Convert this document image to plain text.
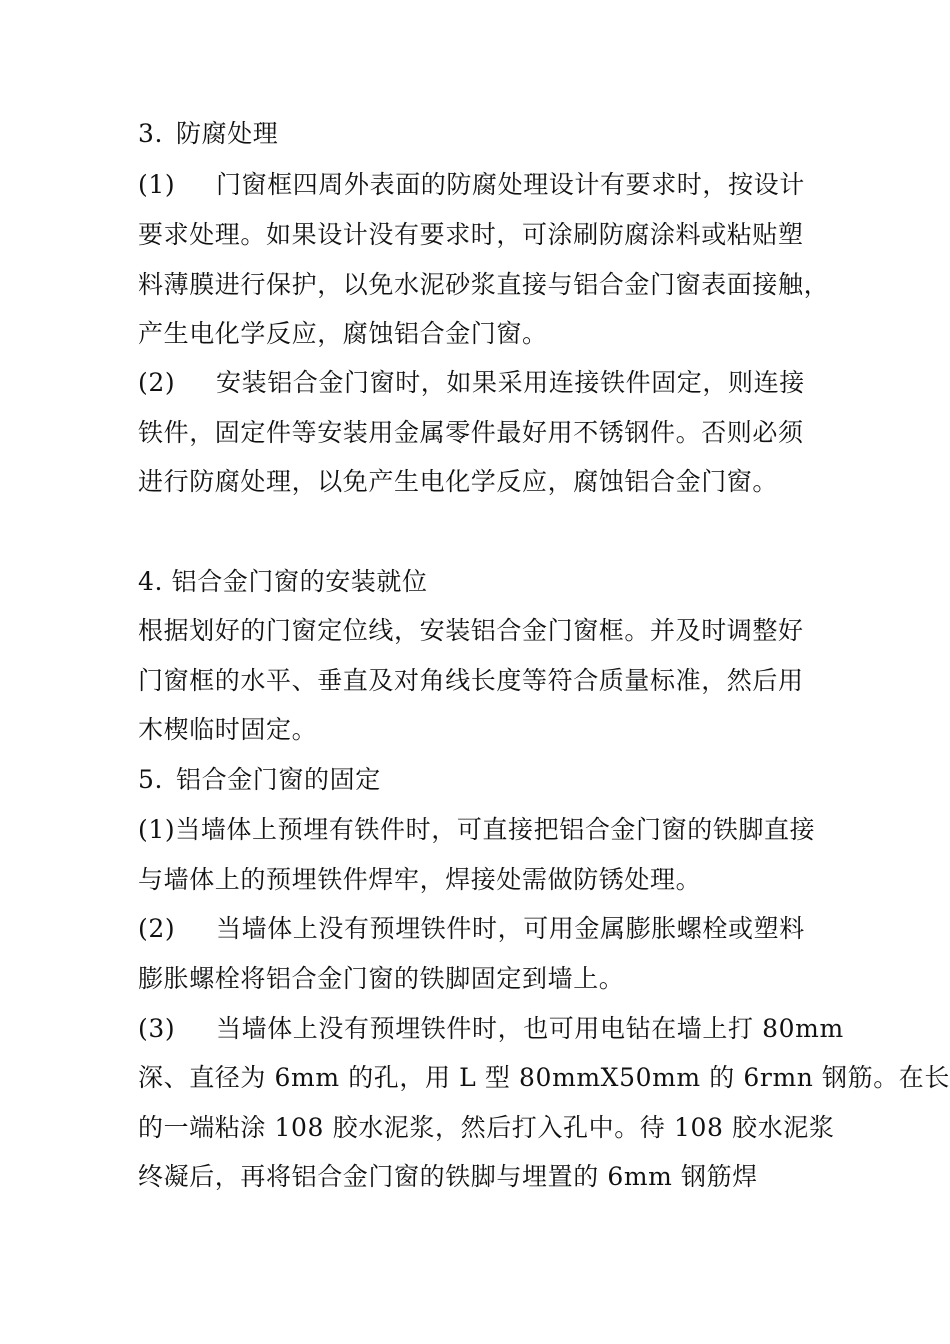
3. 防腐处理
(1) 门窗框四周外表面的防腐处理设计有要求时，按设计
要求处理。如果设计没有要求时，可涂刷防腐涂料或粘贴塑
料薄膜进行保护，以免水泥砂浆直接与铝合金门窗表面接触，
产生电化学反应，腐蚀铝合金门窗。
(2) 安装铝合金门窗时，如果采用连接铁件固定，则连接
铁件，固定件等安装用金属零件最好用不锈钢件。否则必须
进行防腐处理，以免产生电化学反应，腐蚀铝合金门窗。
4. 铝合金门窗的安装就位
根据划好的门窗定位线，安装铝合金门窗框。并及时调整好
门窗框的水平、垂直及对角线长度等符合质量标准，然后用
木楔临时固定。
5. 铝合金门窗的固定
(1)当墙体上预埋有铁件时，可直接把铝合金门窗的铁脚直接
与墙体上的预埋铁件焊牢，焊接处需做防锈处理。
(2) 当墙体上没有预埋铁件时，可用金属膨胀螺栓或塑料
膨胀螺栓将铝合金门窗的铁脚固定到墙上。
(3) 当墙体上没有预埋铁件时，也可用电钻在墙上打 80mm
深、直径为 6mm 的孔，用 L 型 80mmX50mm 的 6rmn 钢筋。在长
的一端粘涂 108 胶水泥浆，然后打入孔中。待 108 胶水泥浆
终凝后，再将铝合金门窗的铁脚与埋置的 6mm 钢筋焊
